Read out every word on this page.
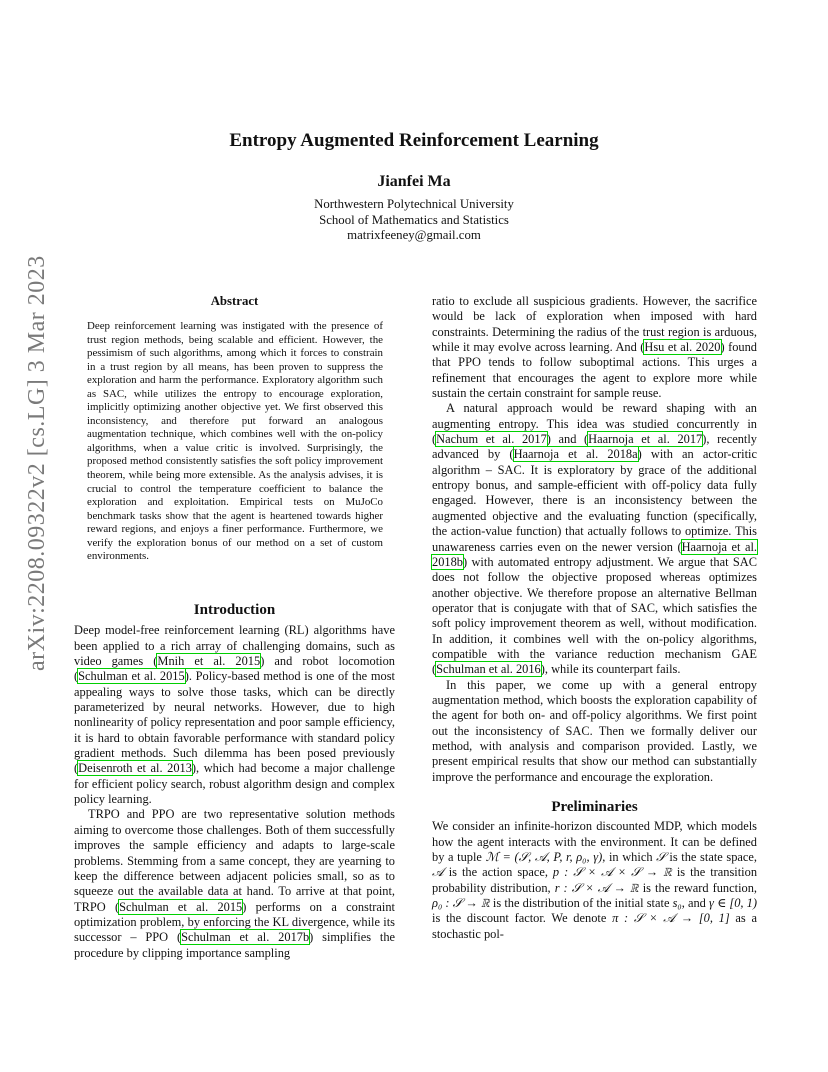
arXiv:2208.09322v2 [cs.LG] 3 Mar 2023
Entropy Augmented Reinforcement Learning
Jianfei Ma
Northwestern Polytechnical University
School of Mathematics and Statistics
matrixfeeney@gmail.com
Abstract
Deep reinforcement learning was instigated with the presence of trust region methods, being scalable and efficient. However, the pessimism of such algorithms, among which it forces to constrain in a trust region by all means, has been proven to suppress the exploration and harm the performance. Exploratory algorithm such as SAC, while utilizes the entropy to encourage exploration, implicitly optimizing another objective yet. We first observed this inconsistency, and therefore put forward an analogous augmentation technique, which combines well with the on-policy algorithms, when a value critic is involved. Surprisingly, the proposed method consistently satisfies the soft policy improvement theorem, while being more extensible. As the analysis advises, it is crucial to control the temperature coefficient to balance the exploration and exploitation. Empirical tests on MuJoCo benchmark tasks show that the agent is heartened towards higher reward regions, and enjoys a finer performance. Furthermore, we verify the exploration bonus of our method on a set of custom environments.
Introduction

Deep model-free reinforcement learning (RL) algorithms have been applied to a rich array of challenging domains, such as video games (Mnih et al. 2015) and robot locomotion (Schulman et al. 2015). Policy-based method is one of the most appealing ways to solve those tasks, which can be directly parameterized by neural networks. However, due to high nonlinearity of policy representation and poor sample efficiency, it is hard to obtain favorable performance with standard policy gradient methods. Such dilemma has been posed previously (Deisenroth et al. 2013), which had become a major challenge for efficient policy search, robust algorithm design and complex policy learning.

TRPO and PPO are two representative solution methods aiming to overcome those challenges. Both of them successfully improves the sample efficiency and adapts to large-scale problems. Stemming from a same concept, they are yearning to keep the difference between adjacent policies small, so as to squeeze out the available data at hand. To arrive at that point, TRPO (Schulman et al. 2015) performs on a constraint optimization problem, by enforcing the KL divergence, while its successor – PPO (Schulman et al. 2017b) simplifies the procedure by clipping importance sampling

ratio to exclude all suspicious gradients. However, the sacrifice would be lack of exploration when imposed with hard constraints. Determining the radius of the trust region is arduous, while it may evolve across learning. And (Hsu et al. 2020) found that PPO tends to follow suboptimal actions. This urges a refinement that encourages the agent to explore more while sustain the certain constraint for sample reuse.

A natural approach would be reward shaping with an augmenting entropy. This idea was studied concurrently in (Nachum et al. 2017) and (Haarnoja et al. 2017), recently advanced by (Haarnoja et al. 2018a) with an actor-critic algorithm – SAC. It is exploratory by grace of the additional entropy bonus, and sample-efficient with off-policy data fully engaged. However, there is an inconsistency between the augmented objective and the evaluating function (specifically, the action-value function) that actually follows to optimize. This unawareness carries even on the newer version (Haarnoja et al. 2018b) with automated entropy adjustment. We argue that SAC does not follow the objective proposed whereas optimizes another objective. We therefore propose an alternative Bellman operator that is conjugate with that of SAC, which satisfies the soft policy improvement theorem as well, without modification. In addition, it combines well with the on-policy algorithms, compatible with the variance reduction mechanism GAE (Schulman et al. 2016), while its counterpart fails.

In this paper, we come up with a general entropy augmentation method, which boosts the exploration capability of the agent for both on- and off-policy algorithms. We first point out the inconsistency of SAC. Then we formally deliver our method, with analysis and comparison provided. Lastly, we present empirical results that show our method can substantially improve the performance and encourage the exploration.

Preliminaries

We consider an infinite-horizon discounted MDP, which models how the agent interacts with the environment. It can be defined by a tuple ℳ = (𝒮, 𝒜, P, r, ρ₀, γ), in which 𝒮 is the state space, 𝒜 is the action space, p : 𝒮 × 𝒜 × 𝒮 → ℝ is the transition probability distribution, r : 𝒮 × 𝒜 → ℝ is the reward function, ρ₀ : 𝒮 → ℝ is the distribution of the initial state s₀, and γ ∈ [0, 1) is the discount factor. We denote π : 𝒮 × 𝒜 → [0, 1] as a stochastic pol-
